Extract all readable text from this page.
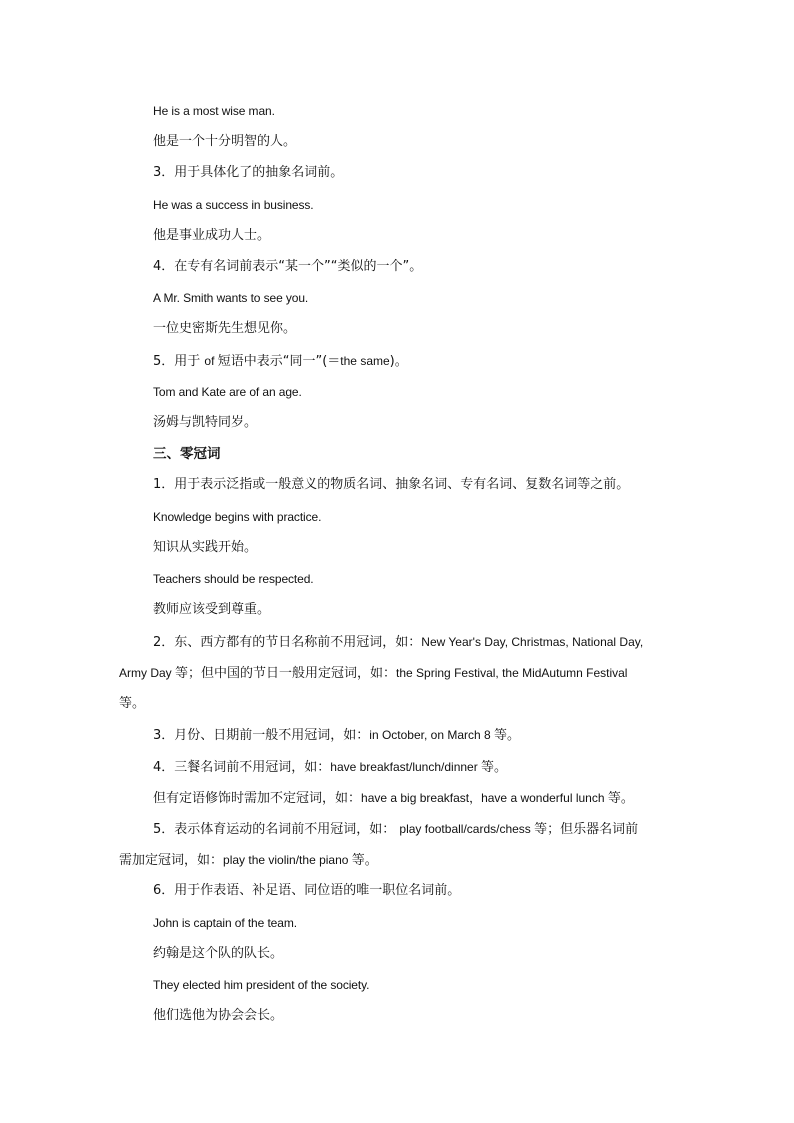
He is a most wise man.
他是一个十分明智的人。
3．用于具体化了的抽象名词前。
He was a success in business.
他是事业成功人士。
4．在专有名词前表示“某一个”“类似的一个”。
A Mr. Smith wants to see you.
一位史密斯先生想见你。
5．用于 of 短语中表示“同一”(＝the same)。
Tom and Kate are of an age.
汤姆与凯特同岁。
三、零冠词
1．用于表示泛指或一般意义的物质名词、抽象名词、专有名词、复数名词等之前。
Knowledge begins with practice.
知识从实践开始。
Teachers should be respected.
教师应该受到尊重。
2．东、西方都有的节日名称前不用冠词，如：New Year's Day, Christmas, National Day,
Army Day 等；但中国的节日一般用定冠词，如：the Spring Festival, the MidAutumn Festival
等。
3．月份、日期前一般不用冠词，如：in October, on March 8 等。
4．三餐名词前不用冠词，如：have breakfast/lunch/dinner 等。
但有定语修饰时需加不定冠词，如：have a big breakfast，have a wonderful lunch 等。
5．表示体育运动的名词前不用冠词，如： play football/cards/chess 等；但乐器名词前
需加定冠词，如：play the violin/the piano 等。
6．用于作表语、补足语、同位语的唯一职位名词前。
John is captain of the team.
约翰是这个队的队长。
They elected him president of the society.
他们选他为协会会长。
